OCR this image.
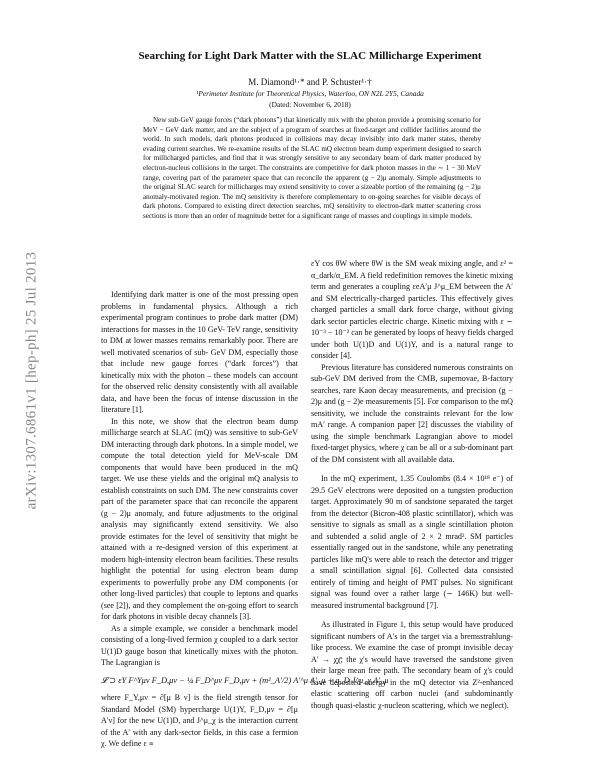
arXiv:1307.6861v1 [hep-ph] 25 Jul 2013
Searching for Light Dark Matter with the SLAC Millicharge Experiment
M. Diamond¹·* and P. Schuster¹·†
¹Perimeter Institute for Theoretical Physics, Waterloo, ON N2L 2Y5, Canada
(Dated: November 6, 2018)

New sub-GeV gauge forces (“dark photons”) that kinetically mix with the photon provide a promising scenario for MeV − GeV dark matter, and are the subject of a program of searches at fixed-target and collider facilities around the world. In such models, dark photons produced in collisions may decay invisibly into dark matter states, thereby evading current searches. We re-examine results of the SLAC mQ electron beam dump experiment designed to search for millicharged particles, and find that it was strongly sensitive to any secondary beam of dark matter produced by electron-nucleus collisions in the target. The constraints are competitive for dark photon masses in the ∼ 1 − 30 MeV range, covering part of the parameter space that can reconcile the apparent (g − 2)μ anomaly. Simple adjustments to the original SLAC search for millicharges may extend sensitivity to cover a sizeable portion of the remaining (g − 2)μ anomaly-motivated region. The mQ sensitivity is therefore complementary to on-going searches for visible decays of dark photons. Compared to existing direct detection searches, mQ sensitivity to electron-dark matter scattering cross sections is more than an order of magnitude better for a significant range of masses and couplings in simple models.

Identifying dark matter is one of the most pressing open problems in fundamental physics. Although a rich experimental program continues to probe dark matter (DM) interactions for masses in the 10 GeV- TeV range, sensitivity to DM at lower masses remains remarkably poor. There are well motivated scenarios of sub- GeV DM, especially those that include new gauge forces (“dark forces”) that kinetically mix with the photon – these models can account for the observed relic density consistently with all available data, and have been the focus of intense discussion in the literature [1].

In this note, we show that the electron beam dump millicharge search at SLAC (mQ) was sensitive to sub-GeV DM interacting through dark photons. In a simple model, we compute the total detection yield for MeV-scale DM components that would have been produced in the mQ target. We use these yields and the original mQ analysis to establish constraints on such DM. The new constraints cover part of the parameter space that can reconcile the apparent (g − 2)μ anomaly, and future adjustments to the original analysis may significantly extend sensitivity. We also provide estimates for the level of sensitivity that might be attained with a re-designed version of this experiment at modern high-intensity electron beam facilities. These results highlight the potential for using electron beam dump experiments to powerfully probe any DM components (or other long-lived particles) that couple to leptons and quarks (see [2]), and they complement the on-going effort to search for dark photons in visible decay channels [3].

As a simple example, we consider a benchmark model consisting of a long-lived fermion χ coupled to a dark sector U(1)D gauge boson that kinetically mixes with the photon. The Lagrangian is

𝓛 ⊃ εY F^Yμν F_D,μν − ¼ F_D^μν F_D,μν + (m²_A′/2) A′^μ A′_μ + g_D J^μ_χ A′_μ

where F_Y,μν = ∂[μ B ν] is the field strength tensor for Standard Model (SM) hypercharge U(1)Y, F_D,μν = ∂[μ A′ν] for the new U(1)D, and J^μ_χ is the interaction current of the A′ with any dark-sector fields, in this case a fermion χ. We define ε ≡

εY cos θW where θW is the SM weak mixing angle, and ε² = α_dark/α_EM. A field redefinition removes the kinetic mixing term and generates a coupling εeA′μ J^μ_EM between the A′ and SM electrically-charged particles. This effectively gives charged particles a small dark force charge, without giving dark sector particles electric charge. Kinetic mixing with ε ∼ 10⁻³ − 10⁻² can be generated by loops of heavy fields charged under both U(1)D and U(1)Y, and is a natural range to consider [4].

Previous literature has considered numerous constraints on sub-GeV DM derived from the CMB, supernovae, B-factory searches, rare Kaon decay measurements, and precision (g − 2)μ and (g − 2)e measurements [5]. For comparison to the mQ sensitivity, we include the constraints relevant for the low mA′ range. A companion paper [2] discusses the viability of using the simple benchmark Lagrangian above to model fixed-target physics, where χ can be all or a sub-dominant part of the DM consistent with all available data.

In the mQ experiment, 1.35 Coulombs (8.4 × 10¹⁸ e⁻) of 29.5 GeV electrons were deposited on a tungsten production target. Approximately 90 m of sandstone separated the target from the detector (Bicron-408 plastic scintillator), which was sensitive to signals as small as a single scintillation photon and subtended a solid angle of 2 × 2 mrad². SM particles essentially ranged out in the sandstone, while any penetrating particles like mQ's were able to reach the detector and trigger a small scintillation signal [6]. Collected data consisted entirely of timing and height of PMT pulses. No significant signal was found over a rather large (∼ 146K) but well-measured instrumental background [7].

As illustrated in Figure 1, this setup would have produced significant numbers of A′s in the target via a bremsstrahlung-like process. We examine the case of prompt invisible decay A′ → χχ̄; the χ's would have traversed the sandstone given their large mean free path. The secondary beam of χ's could have deposited energy in the mQ detector via Z²-enhanced elastic scattering off carbon nuclei (and subdominantly though quasi-elastic χ-nucleon scattering, which we neglect).
